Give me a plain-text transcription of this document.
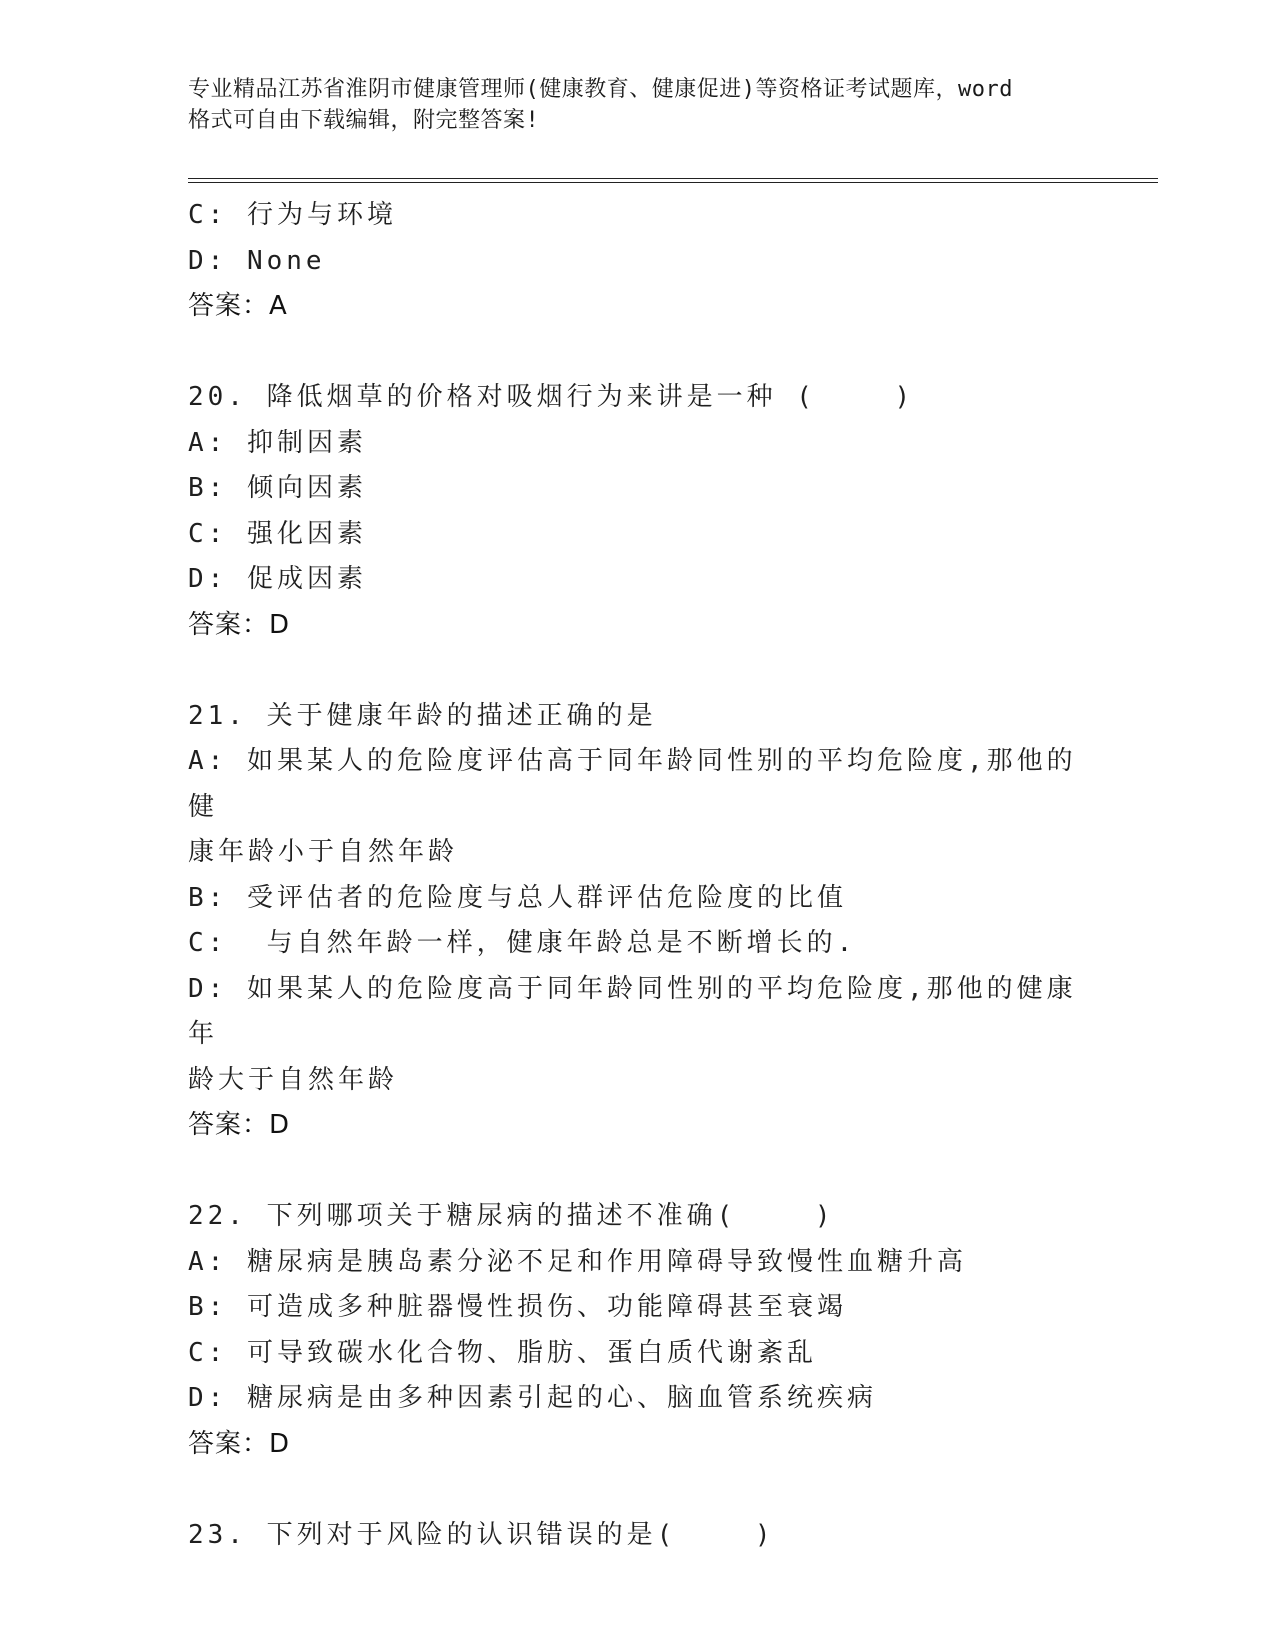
专业精品江苏省淮阴市健康管理师(健康教育、健康促进)等资格证考试题库，word
格式可自由下载编辑，附完整答案!
C: 行为与环境
D: None
答案：A
20. 降低烟草的价格对吸烟行为来讲是一种 (    )
A: 抑制因素
B: 倾向因素
C: 强化因素
D: 促成因素
答案：D
21. 关于健康年龄的描述正确的是
A: 如果某人的危险度评估高于同年龄同性别的平均危险度,那他的健
康年龄小于自然年龄
B: 受评估者的危险度与总人群评估危险度的比值
C:  与自然年龄一样，健康年龄总是不断增长的.
D: 如果某人的危险度高于同年龄同性别的平均危险度,那他的健康年
龄大于自然年龄
答案：D
22. 下列哪项关于糖尿病的描述不准确(    )
A: 糖尿病是胰岛素分泌不足和作用障碍导致慢性血糖升高
B: 可造成多种脏器慢性损伤、功能障碍甚至衰竭
C: 可导致碳水化合物、脂肪、蛋白质代谢紊乱
D: 糖尿病是由多种因素引起的心、脑血管系统疾病
答案：D
23. 下列对于风险的认识错误的是(    )
